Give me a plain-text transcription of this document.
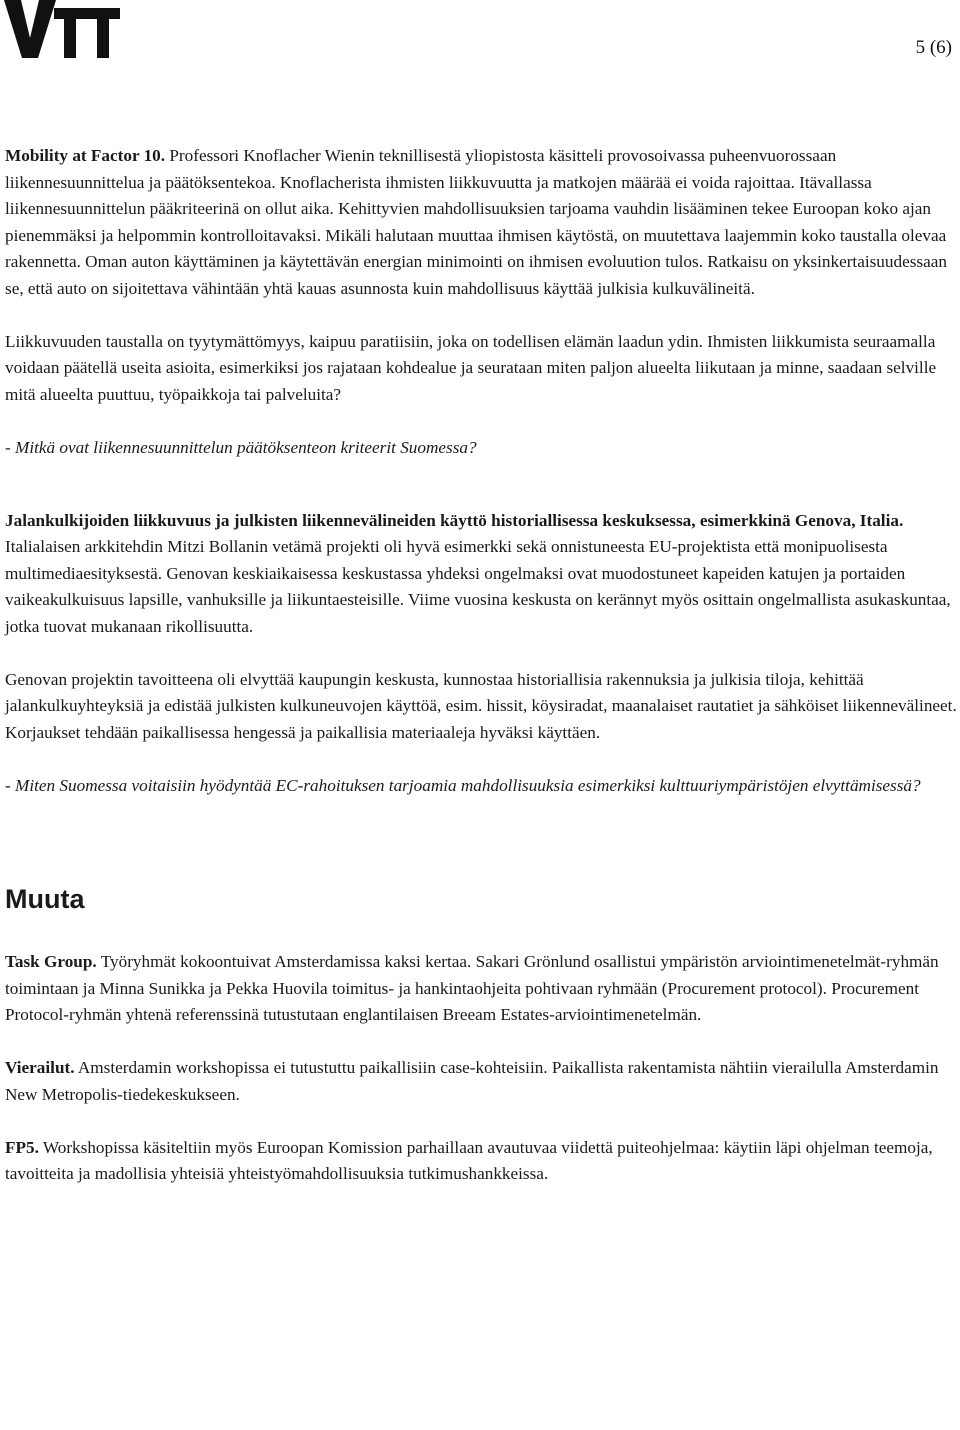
5 (6)

Mobility at Factor 10. Professori Knoflacher Wienin teknillisestä yliopistosta käsitteli provosoivassa puheenvuorossaan liikennesuunnittelua ja päätöksentekoa. Knoflacherista ihmisten liikkuvuutta ja matkojen määrää ei voida rajoittaa. Itävallassa liikennesuunnittelun pääkriteerinä on ollut aika. Kehittyvien mahdollisuuksien tarjoama vauhdin lisääminen tekee Euroopan koko ajan pienemmäksi ja helpommin kontrolloitavaksi. Mikäli halutaan muuttaa ihmisen käytöstä, on muutettava laajemmin koko taustalla olevaa rakennetta. Oman auton käyttäminen ja käytettävän energian minimointi on ihmisen evoluution tulos. Ratkaisu on yksinkertaisuudessaan se, että auto on sijoitettava vähintään yhtä kauas asunnosta kuin mahdollisuus käyttää julkisia kulkuvälineitä.

Liikkuvuuden taustalla on tyytymättömyys, kaipuu paratiisiin, joka on todellisen elämän laadun ydin. Ihmisten liikkumista seuraamalla voidaan päätellä useita asioita, esimerkiksi jos rajataan kohdealue ja seurataan miten paljon alueelta liikutaan ja minne, saadaan selville mitä alueelta puuttuu, työpaikkoja tai palveluita?

- Mitkä ovat liikennesuunnittelun päätöksenteon kriteerit Suomessa?

Jalankulkijoiden liikkuvuus ja julkisten liikennevälineiden käyttö historiallisessa keskuksessa, esimerkkinä Genova, Italia. Italialaisen arkkitehdin Mitzi Bollanin vetämä projekti oli hyvä esimerkki sekä onnistuneesta EU-projektista että monipuolisesta multimediaesityksestä. Genovan keskiaikaisessa keskustassa yhdeksi ongelmaksi ovat muodostuneet kapeiden katujen ja portaiden vaikeakulkuisuus lapsille, vanhuksille ja liikuntaesteisille. Viime vuosina keskusta on kerännyt myös osittain ongelmallista asukaskuntaa, jotka tuovat mukanaan rikollisuutta.

Genovan projektin tavoitteena oli elvyttää kaupungin keskusta, kunnostaa historiallisia rakennuksia ja julkisia tiloja, kehittää jalankulkuyhteyksiä ja edistää julkisten kulkuneuvojen käyttöä, esim. hissit, köysiradat, maanalaiset rautatiet ja sähköiset liikennevälineet. Korjaukset tehdään paikallisessa hengessä ja paikallisia materiaaleja hyväksi käyttäen.

- Miten Suomessa voitaisiin hyödyntää EC-rahoituksen tarjoamia mahdollisuuksia esimerkiksi kulttuuriympäristöjen elvyttämisessä?

Muuta

Task Group. Työryhmät kokoontuivat Amsterdamissa kaksi kertaa. Sakari Grönlund osallistui ympäristön arviointimenetelmät-ryhmän toimintaan ja Minna Sunikka ja Pekka Huovila toimitus- ja hankintaohjeita pohtivaan ryhmään (Procurement protocol). Procurement Protocol-ryhmän yhtenä referenssinä tutustutaan englantilaisen Breeam Estates-arviointimenetelmän.

Vierailut. Amsterdamin workshopissa ei tutustuttu paikallisiin case-kohteisiin. Paikallista rakentamista nähtiin vierailulla Amsterdamin New Metropolis-tiedekeskukseen.

FP5. Workshopissa käsiteltiin myös Euroopan Komission parhaillaan avautuvaa viidettä puiteohjelmaa: käytiin läpi ohjelman teemoja, tavoitteita ja madollisia yhteisiä yhteistyömahdollisuuksia tutkimushankkeissa.
